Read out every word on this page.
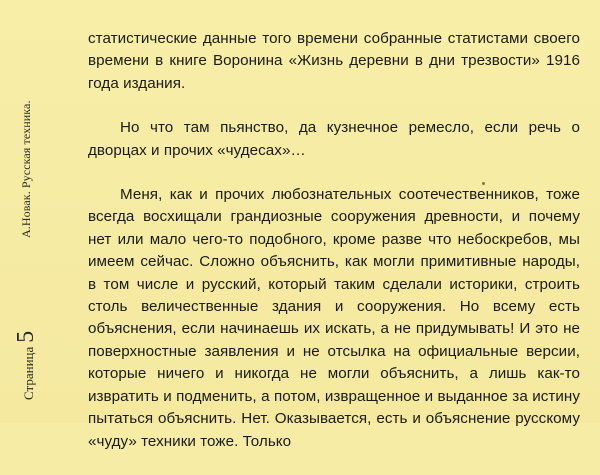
А.Новак. Русская техника.
Страница5

статистические данные того времени собранные статистами своего времени в книге Воронина «Жизнь деревни в дни трезвости» 1916 года издания.

Но что там пьянство, да кузнечное ремесло, если речь о дворцах и прочих «чудесах»…

Меня, как и прочих любознательных соотечественников, тоже всегда восхищали грандиозные сооружения древности, и почему нет или мало чего-то подобного, кроме разве что небоскребов, мы имеем сейчас. Сложно объяснить, как могли примитивные народы, в том числе и русский, который таким сделали историки, строить столь величественные здания и сооружения. Но всему есть объяснения, если начинаешь их искать, а не придумывать! И это не поверхностные заявления и не отсылка на официальные версии, которые ничего и никогда не могли объяснить, а лишь как-то извратить и подменить, а потом, извращенное и выданное за истину пытаться объяснить. Нет. Оказывается, есть и объяснение русскому «чуду» техники тоже. Только
